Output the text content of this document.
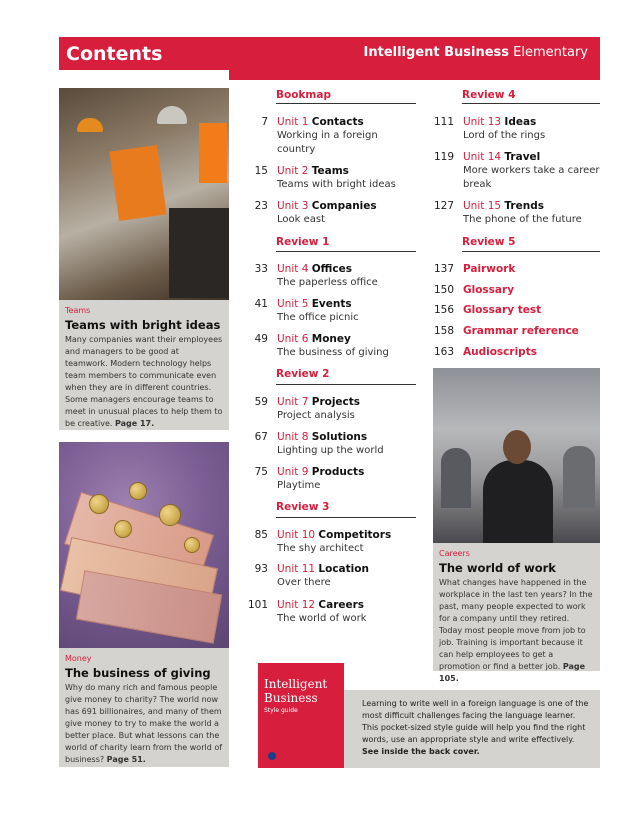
Contents	Intelligent Business Elementary
Teams
Teams with bright ideas
Many companies want their employees and managers to be good at teamwork. Modern technology helps team members to communicate even when they are in different countries. Some managers encourage teams to meet in unusual places to help them to be creative. Page 17.
Money
The business of giving
Why do many rich and famous people give money to charity? The world now has 691 billionaires, and many of them give money to try to make the world a better place. But what lessons can the world of charity learn from the world of business? Page 51.
Bookmap
7 Unit 1 Contacts
Working in a foreign
country
15 Unit 2 Teams
Teams with bright ideas
23 Unit 3 Companies
Look east
Review 1
33 Unit 4 Offices
The paperless office
41 Unit 5 Events
The office picnic
49 Unit 6 Money
The business of giving
Review 2
59 Unit 7 Projects
Project analysis
67 Unit 8 Solutions
Lighting up the world
75 Unit 9 Products
Playtime
Review 3
85 Unit 10 Competitors
The shy architect
93 Unit 11 Location
Over there
101 Unit 12 Careers
The world of work
Review 4
111 Unit 13 Ideas
Lord of the rings
119 Unit 14 Travel
More workers take a career
break
127 Unit 15 Trends
The phone of the future
Review 5
137 Pairwork
150 Glossary
156 Glossary test
158 Grammar reference
163 Audioscripts
Careers
The world of work
What changes have happened in the workplace in the last ten years? In the past, many people expected to work for a company until they retired. Today most people move from job to job. Training is important because it can help employees to get a promotion or find a better job. Page 105.
Intelligent
Business
Style guide
Learning to write well in a foreign language is one of the most difficult challenges facing the language learner. This pocket-sized style guide will help you find the right words, use an appropriate style and write effectively. See inside the back cover.
